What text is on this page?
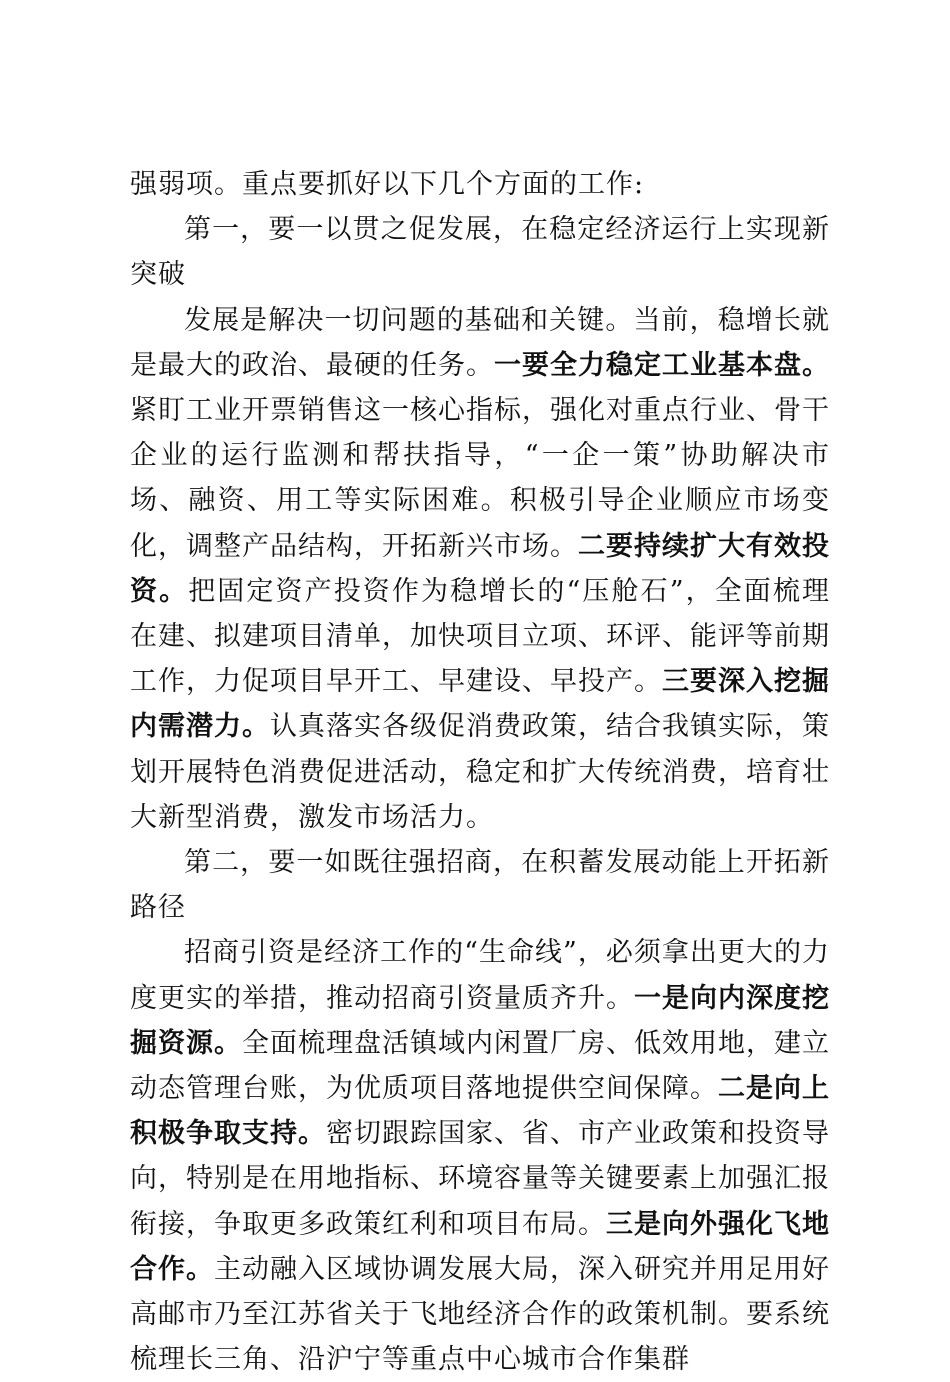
强弱项。重点要抓好以下几个方面的工作:

第一，要一以贯之促发展，在稳定经济运行上实现新突破

发展是解决一切问题的基础和关键。当前，稳增长就是最大的政治、最硬的任务。一要全力稳定工业基本盘。紧盯工业开票销售这一核心指标，强化对重点行业、骨干企业的运行监测和帮扶指导，“一企一策”协助解决市场、融资、用工等实际困难。积极引导企业顺应市场变化，调整产品结构，开拓新兴市场。二要持续扩大有效投资。把固定资产投资作为稳增长的“压舱石”，全面梳理在建、拟建项目清单，加快项目立项、环评、能评等前期工作，力促项目早开工、早建设、早投产。三要深入挖掘内需潜力。认真落实各级促消费政策，结合我镇实际，策划开展特色消费促进活动，稳定和扩大传统消费，培育壮大新型消费，激发市场活力。

第二，要一如既往强招商，在积蓄发展动能上开拓新路径

招商引资是经济工作的“生命线”，必须拿出更大的力度更实的举措，推动招商引资量质齐升。一是向内深度挖掘资源。全面梳理盘活镇域内闲置厂房、低效用地，建立动态管理台账，为优质项目落地提供空间保障。二是向上积极争取支持。密切跟踪国家、省、市产业政策和投资导向，特别是在用地指标、环境容量等关键要素上加强汇报衔接，争取更多政策红利和项目布局。三是向外强化飞地合作。主动融入区域协调发展大局，深入研究并用足用好高邮市乃至江苏省关于飞地经济合作的政策机制。要系统梳理长三角、沿沪宁等重点中心城市合作集群
